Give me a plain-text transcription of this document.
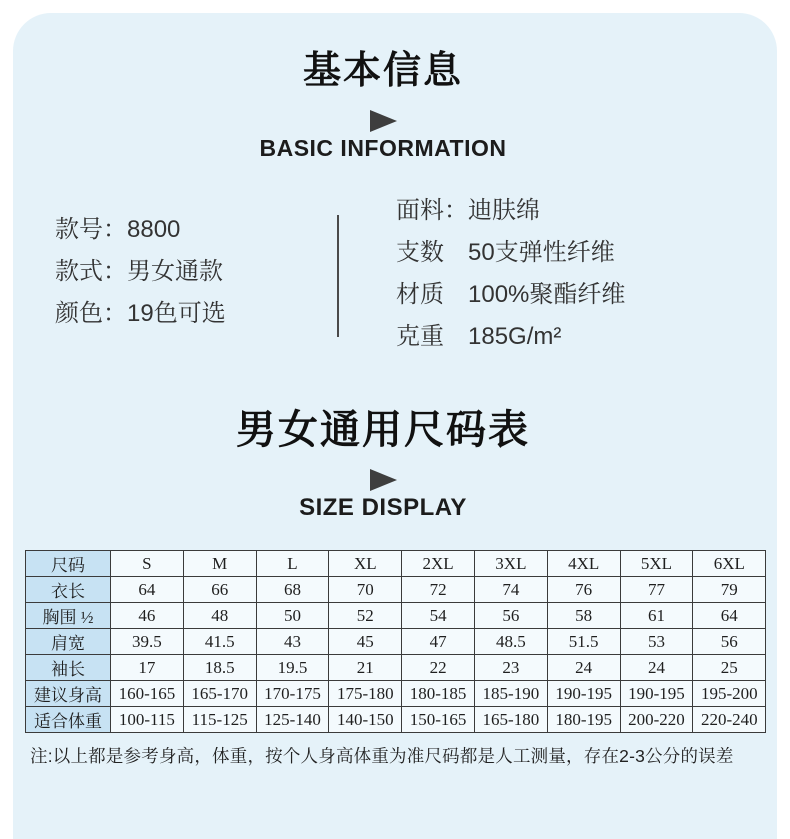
基本信息
BASIC INFORMATION
款号：8800
款式：男女通款
颜色：19色可选
面料：迪肤绵
支数　50支弹性纤维
材质　100%聚酯纤维
克重　185G/m²
男女通用尺码表
SIZE DISPLAY
尺码	S	M	L	XL	2XL	3XL	4XL	5XL	6XL
衣长	64	66	68	70	72	74	76	77	79
胸围 ½	46	48	50	52	54	56	58	61	64
肩宽	39.5	41.5	43	45	47	48.5	51.5	53	56
袖长	17	18.5	19.5	21	22	23	24	24	25
建议身高	160-165	165-170	170-175	175-180	180-185	185-190	190-195	190-195	195-200
适合体重	100-115	115-125	125-140	140-150	150-165	165-180	180-195	200-220	220-240
注:以上都是参考身高，体重，按个人身高体重为准尺码都是人工测量，存在2-3公分的误差
